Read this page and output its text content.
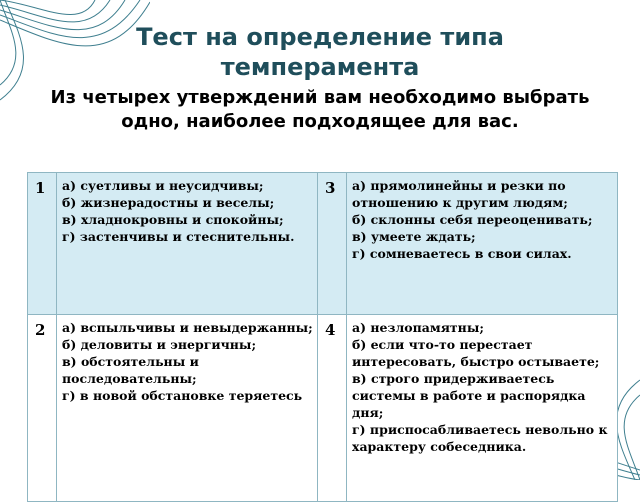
Тест на определение типа темперамента
Из четырех утверждений вам необходимо выбрать одно, наиболее подходящее для вас.
1	а) суетливы и неусидчивы;
б) жизнерадостны и веселы;
в) хладнокровны и спокойны;
г) застенчивы и стеснительны.
3	а) прямолинейны и резки по отношению к другим людям;
б) склонны себя переоценивать;
в) умеете ждать;
г) сомневаетесь в свои силах.
2	а) вспыльчивы и невыдержанны;
б) деловиты и энергичны;
в) обстоятельны и последовательны;
г) в новой обстановке теряетесь
4	а) незлопамятны;
б) если что-то перестает интересовать, быстро остываете;
в) строго придерживаетесь системы в работе и распорядка дня;
г) приспосабливаетесь невольно к характеру собеседника.
